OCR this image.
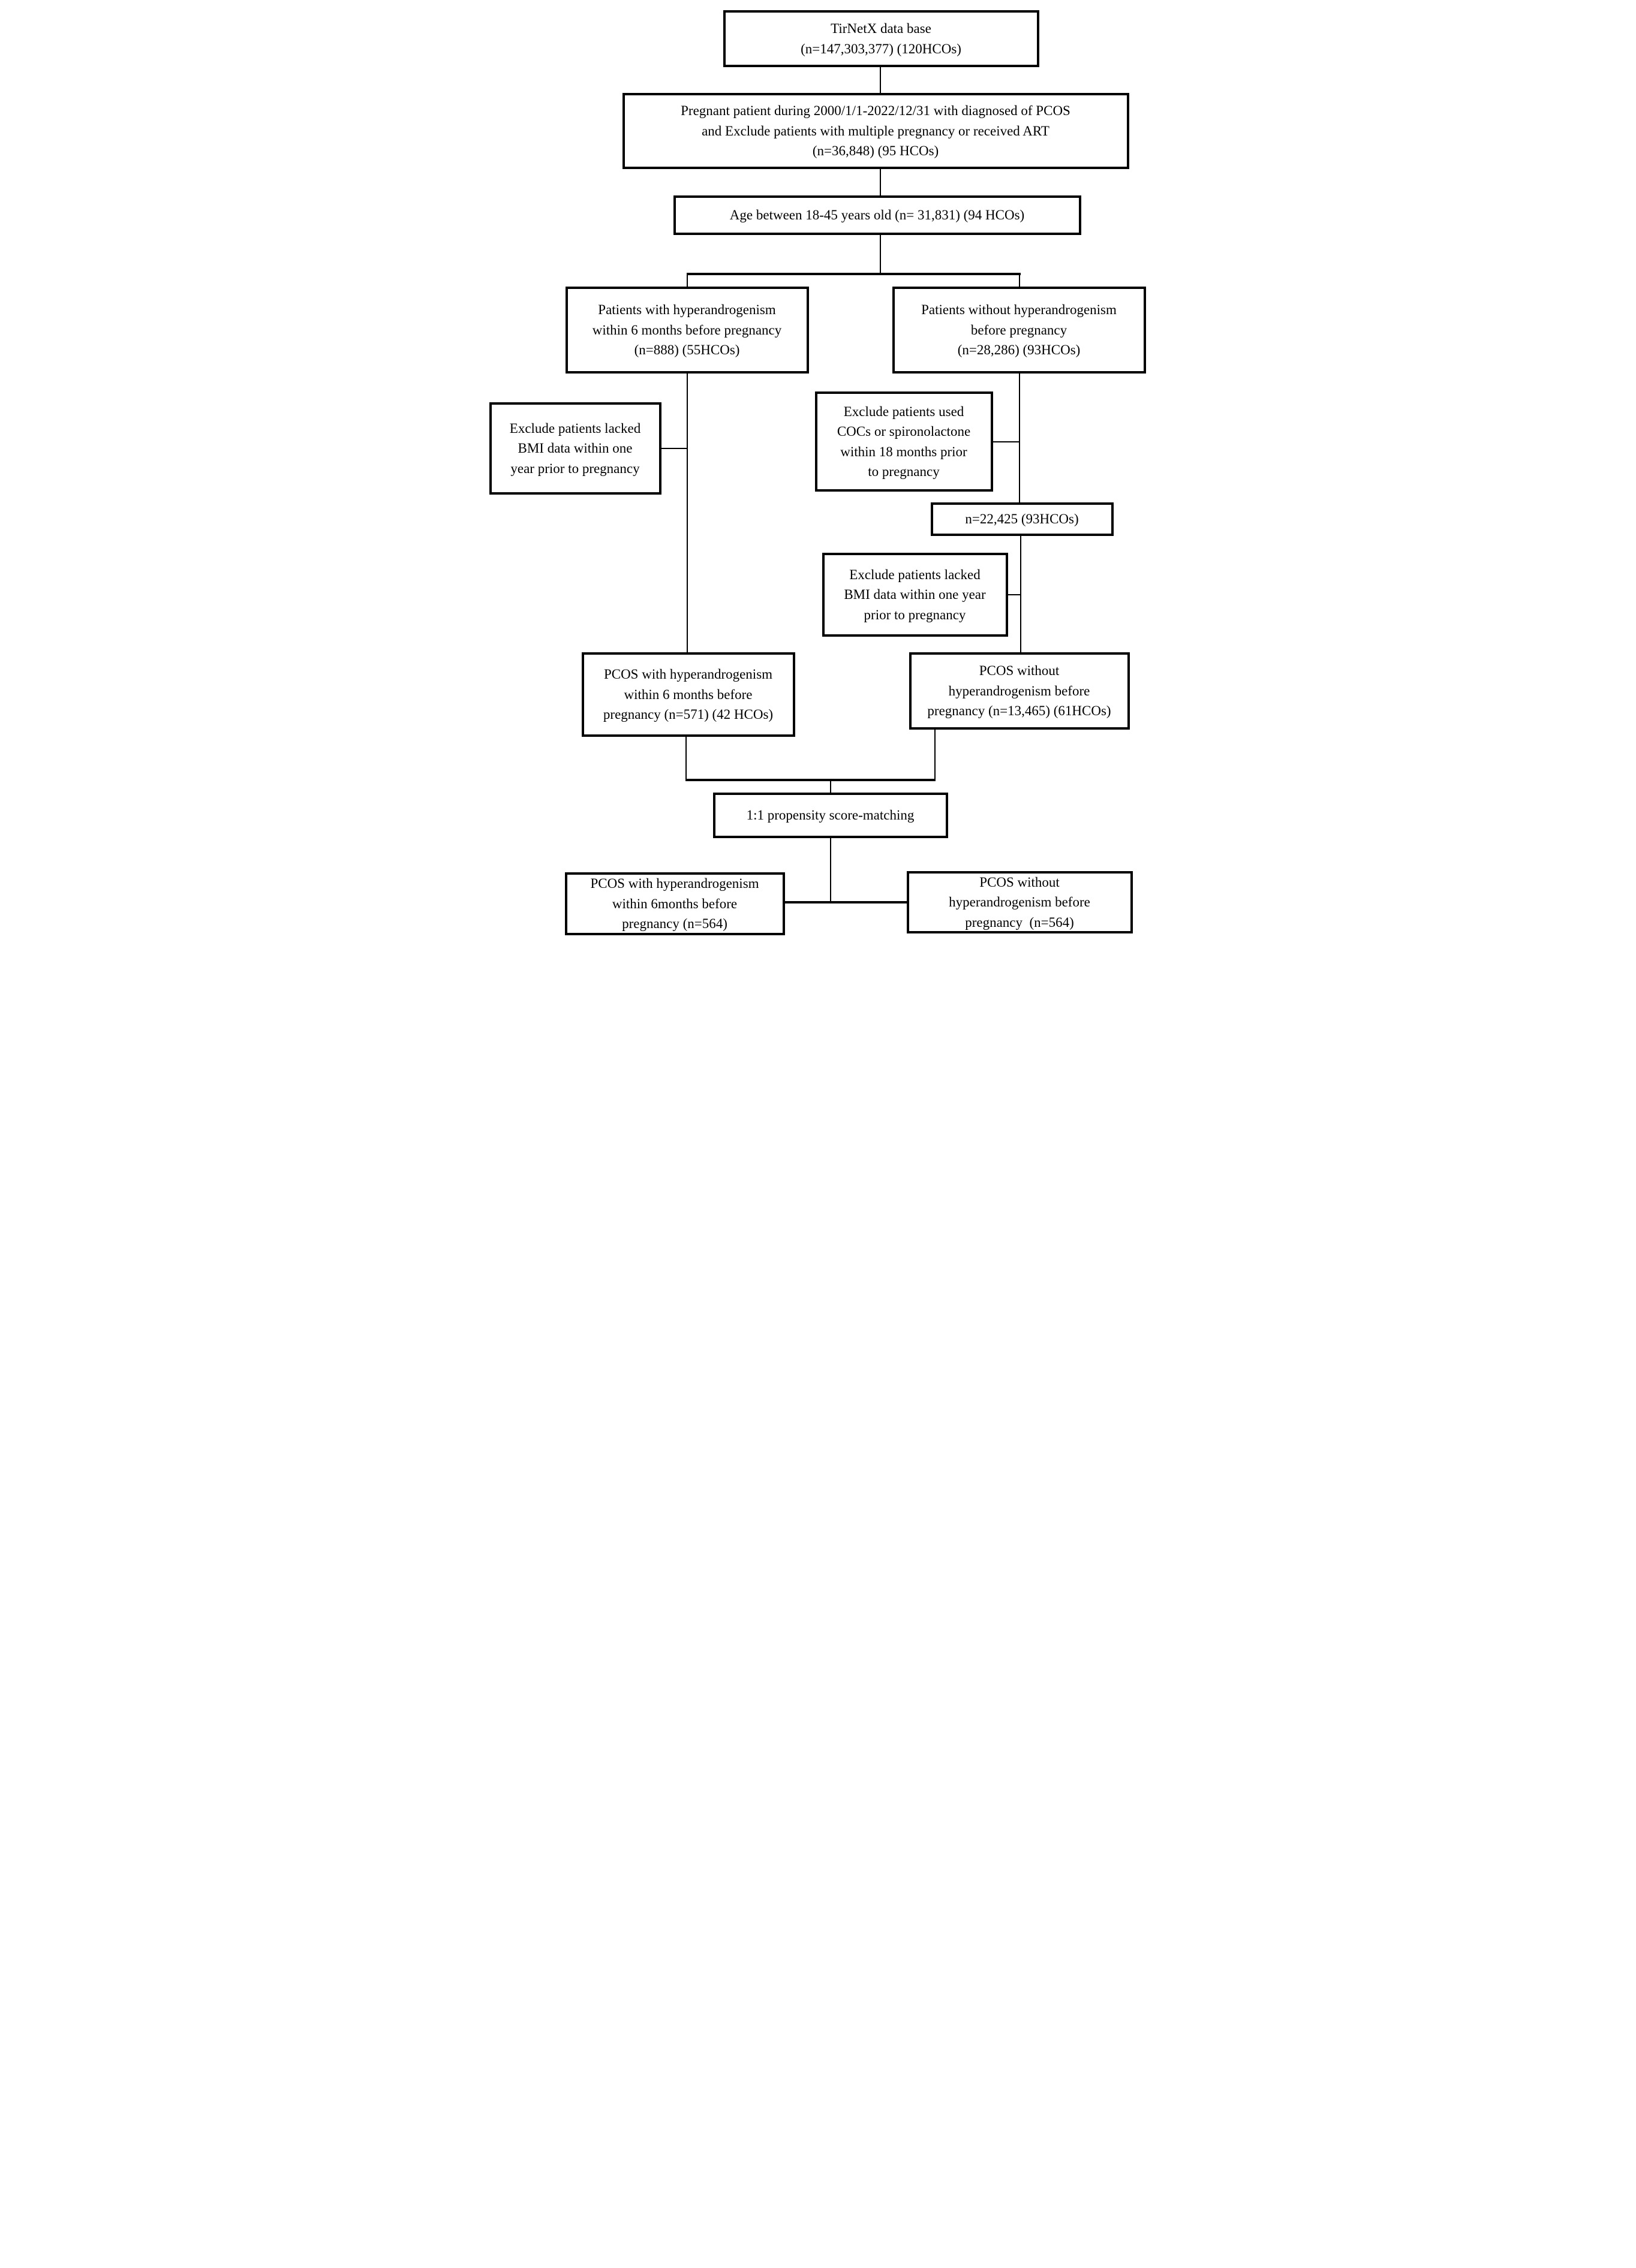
TirNetX data base
(n=147,303,377) (120HCOs)
Pregnant patient during 2000/1/1-2022/12/31 with diagnosed of PCOS
and Exclude patients with multiple pregnancy or received ART
(n=36,848) (95 HCOs)
Age between 18-45 years old (n= 31,831) (94 HCOs)
Patients with hyperandrogenism
within 6 months before pregnancy
(n=888) (55HCOs)
Patients without hyperandrogenism
before pregnancy
(n=28,286) (93HCOs)
Exclude patients lacked
BMI data within one
year prior to pregnancy
Exclude patients used
COCs or spironolactone
within 18 months prior
to pregnancy
n=22,425 (93HCOs)
Exclude patients lacked
BMI data within one year
prior to pregnancy
PCOS with hyperandrogenism
within 6 months before
pregnancy (n=571) (42 HCOs)
PCOS without
hyperandrogenism before
pregnancy (n=13,465) (61HCOs)
1:1 propensity score-matching
PCOS with hyperandrogenism
within 6months before
pregnancy (n=564)
PCOS without
hyperandrogenism before
pregnancy  (n=564)
